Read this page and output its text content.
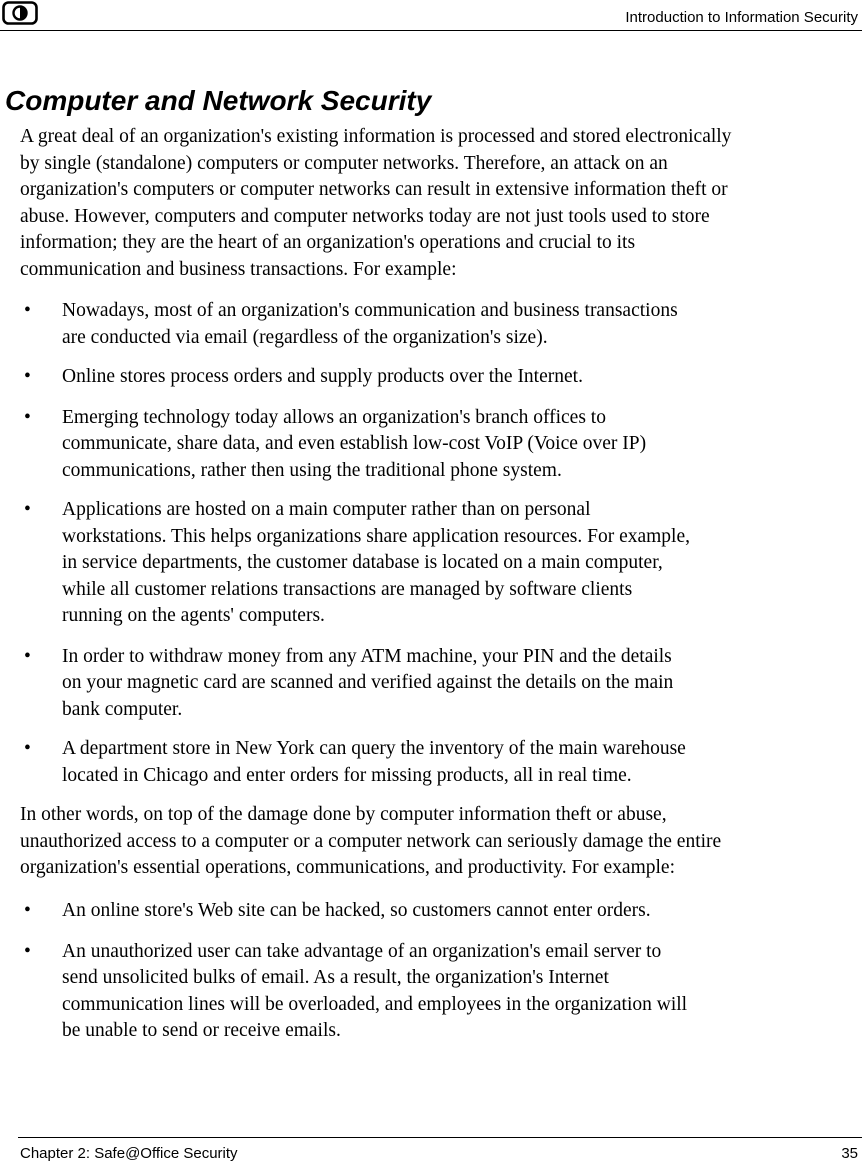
Introduction to Information Security
Computer and Network Security

A great deal of an organization's existing information is processed and stored electronically
by single (standalone) computers or computer networks. Therefore, an attack on an
organization's computers or computer networks can result in extensive information theft or
abuse. However, computers and computer networks today are not just tools used to store
information; they are the heart of an organization's operations and crucial to its
communication and business transactions. For example:

• Nowadays, most of an organization's communication and business transactions
are conducted via email (regardless of the organization's size).
• Online stores process orders and supply products over the Internet.
• Emerging technology today allows an organization's branch offices to
communicate, share data, and even establish low-cost VoIP (Voice over IP)
communications, rather then using the traditional phone system.
• Applications are hosted on a main computer rather than on personal
workstations. This helps organizations share application resources. For example,
in service departments, the customer database is located on a main computer,
while all customer relations transactions are managed by software clients
running on the agents' computers.
• In order to withdraw money from any ATM machine, your PIN and the details
on your magnetic card are scanned and verified against the details on the main
bank computer.
• A department store in New York can query the inventory of the main warehouse
located in Chicago and enter orders for missing products, all in real time.

In other words, on top of the damage done by computer information theft or abuse,
unauthorized access to a computer or a computer network can seriously damage the entire
organization's essential operations, communications, and productivity. For example:

• An online store's Web site can be hacked, so customers cannot enter orders.
• An unauthorized user can take advantage of an organization's email server to
send unsolicited bulks of email. As a result, the organization's Internet
communication lines will be overloaded, and employees in the organization will
be unable to send or receive emails.
Chapter 2: Safe@Office Security	35
